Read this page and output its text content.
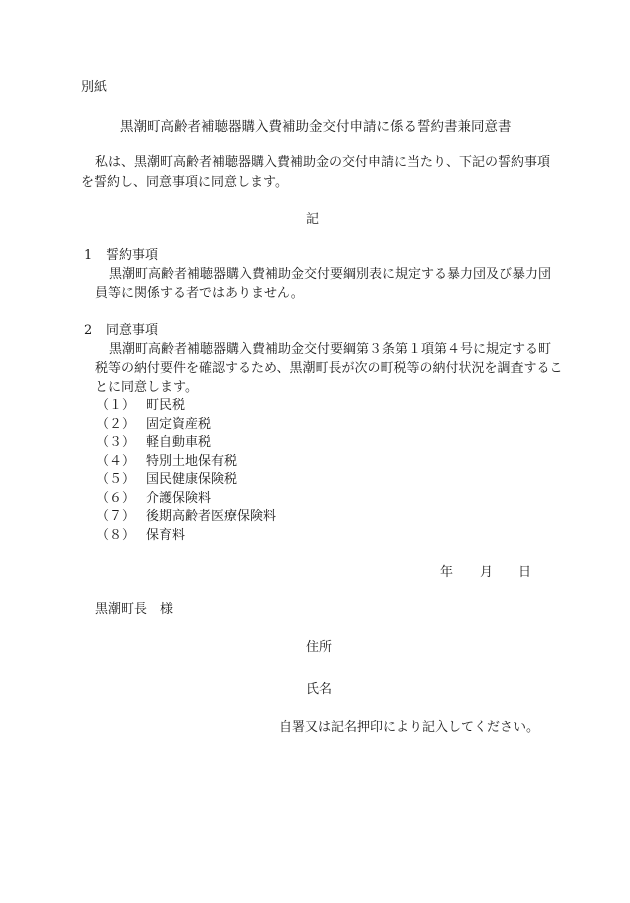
別紙
黒潮町高齢者補聴器購入費補助金交付申請に係る誓約書兼同意書
私は、黒潮町高齢者補聴器購入費補助金の交付申請に当たり、下記の誓約事項を誓約し、同意事項に同意します。
記
1 誓約事項
黒潮町高齢者補聴器購入費補助金交付要綱別表に規定する暴力団及び暴力団員等に関係する者ではありません。
2 同意事項
黒潮町高齢者補聴器購入費補助金交付要綱第３条第１項第４号に規定する町税等の納付要件を確認するため、黒潮町長が次の町税等の納付状況を調査することに同意します。
（１） 町民税
（２） 固定資産税
（３） 軽自動車税
（４） 特別土地保有税
（５） 国民健康保険税
（６） 介護保険料
（７） 後期高齢者医療保険料
（８） 保育料
年 月 日
黒潮町長　様
住所
氏名
自署又は記名押印により記入してください。
